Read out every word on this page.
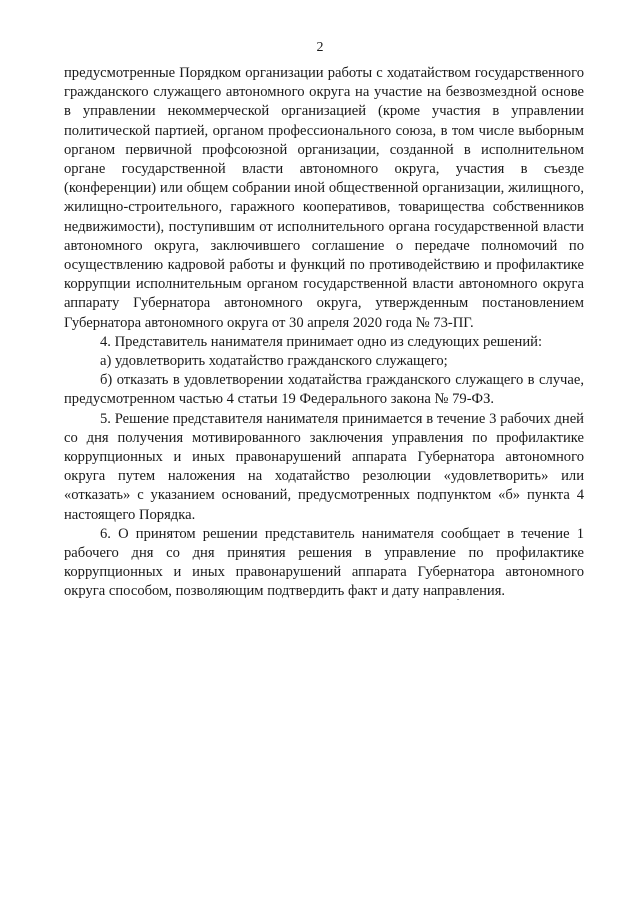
2

предусмотренные Порядком организации работы с ходатайством государственного гражданского служащего автономного округа на участие на безвозмездной основе в управлении некоммерческой организацией (кроме участия в управлении политической партией, органом профессионального союза, в том числе выборным органом первичной профсоюзной организации, созданной в исполнительном органе государственной власти автономного округа, участия в съезде (конференции) или общем собрании иной общественной организации, жилищного, жилищно-строительного, гаражного кооперативов, товарищества собственников недвижимости), поступившим от исполнительного органа государственной власти автономного округа, заключившего соглашение о передаче полномочий по осуществлению кадровой работы и функций по противодействию и профилактике коррупции исполнительным органом государственной власти автономного округа аппарату Губернатора автономного округа, утвержденным постановлением Губернатора автономного округа от 30 апреля 2020 года № 73-ПГ.

4. Представитель нанимателя принимает одно из следующих решений:

а) удовлетворить ходатайство гражданского служащего;

б) отказать в удовлетворении ходатайства гражданского служащего в случае, предусмотренном частью 4 статьи 19 Федерального закона № 79-ФЗ.

5. Решение представителя нанимателя принимается в течение 3 рабочих дней со дня получения мотивированного заключения управления по профилактике коррупционных и иных правонарушений аппарата Губернатора автономного округа путем наложения на ходатайство резолюции «удовлетворить» или «отказать» с указанием оснований, предусмотренных подпунктом «б» пункта 4 настоящего Порядка.

6. О принятом решении представитель нанимателя сообщает в течение 1 рабочего дня со дня принятия решения в управление по профилактике коррупционных и иных правонарушений аппарата Губернатора автономного округа способом, позволяющим подтвердить факт и дату направления.
